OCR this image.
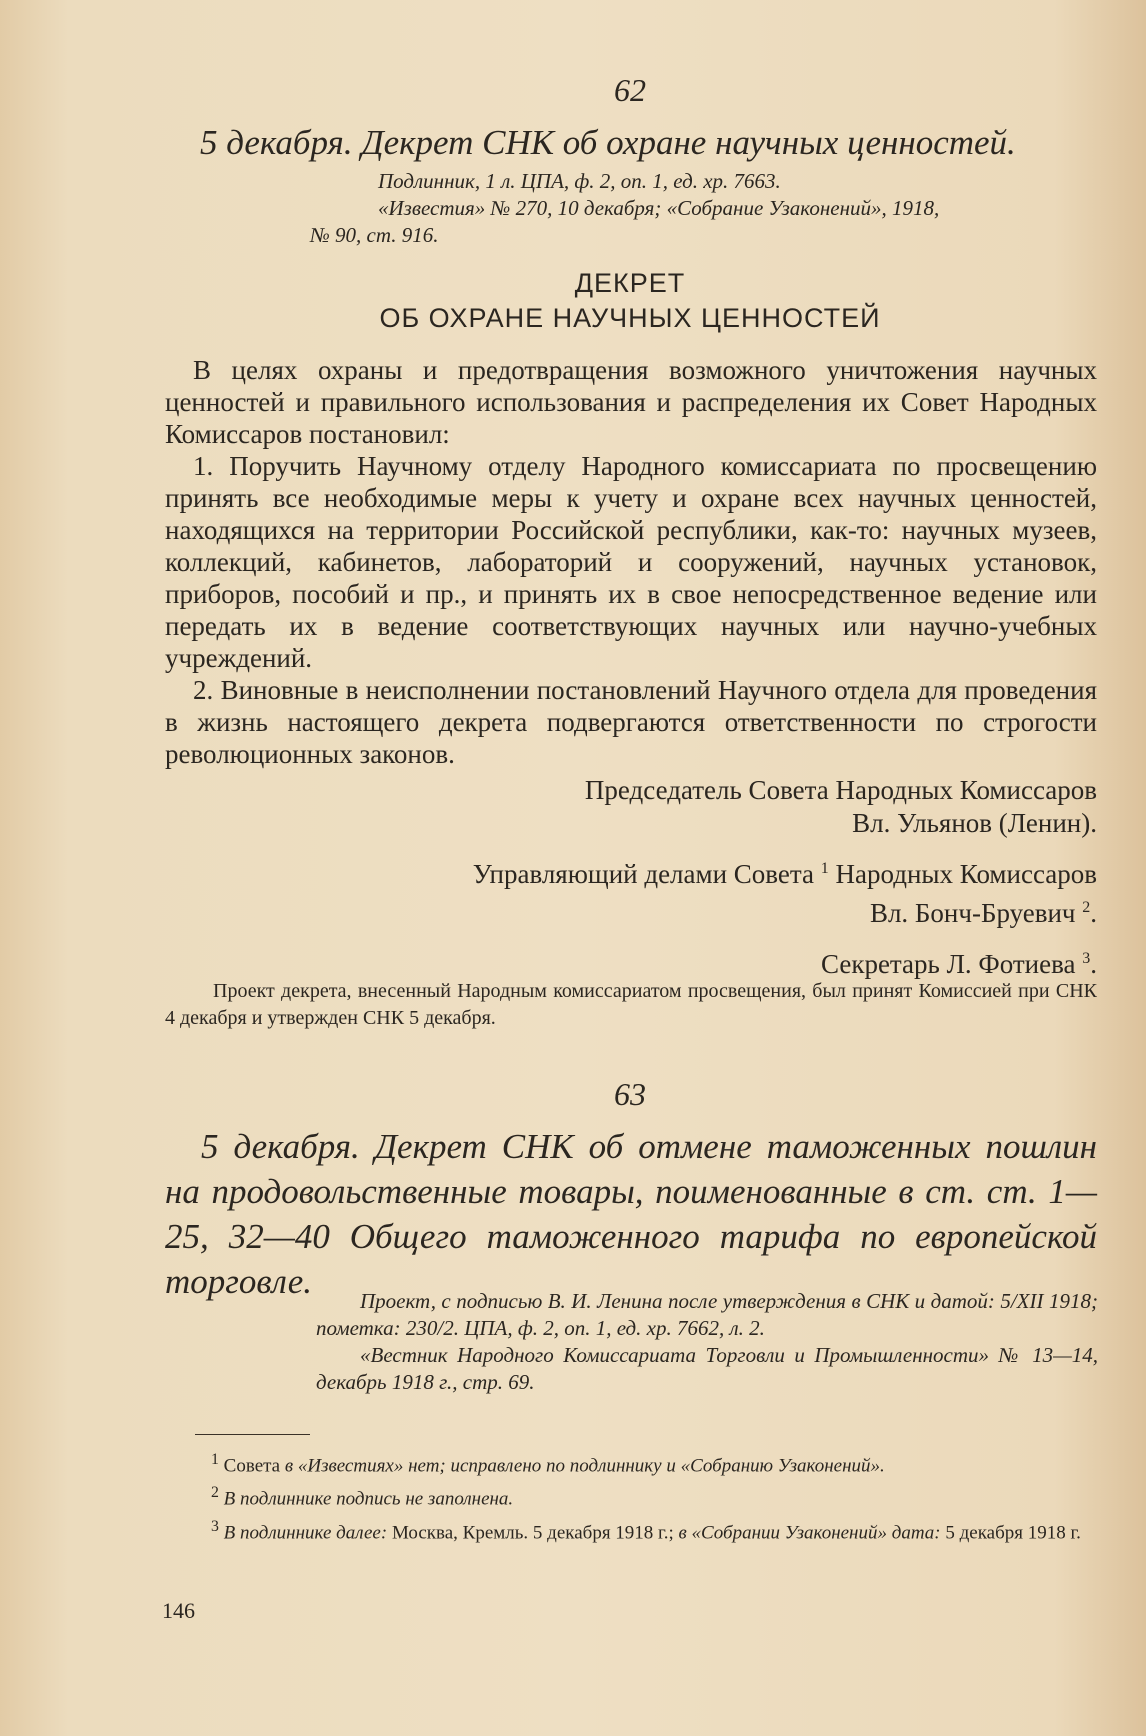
62

5 декабря. Декрет СНК об охране научных ценностей.

Подлинник, 1 л. ЦПА, ф. 2, оп. 1, ед. хр. 7663.

«Известия» № 270, 10 декабря; «Собрание Узаконений», 1918,

№ 90, ст. 916.

ДЕКРЕТ

ОБ ОХРАНЕ НАУЧНЫХ ЦЕННОСТЕЙ

В целях охраны и предотвращения возможного уничтожения научных ценностей и правильного использования и распределения их Совет Народных Комиссаров постановил:

1. Поручить Научному отделу Народного комиссариата по просвещению принять все необходимые меры к учету и охране всех научных ценностей, находящихся на территории Российской республики, как-то: научных музеев, коллекций, кабинетов, лабораторий и сооружений, научных установок, приборов, пособий и пр., и принять их в свое непосредственное ведение или передать их в ведение соответствующих научных или научно-учебных учреждений.

2. Виновные в неисполнении постановлений Научного отдела для проведения в жизнь настоящего декрета подвергаются ответственности по строгости революционных законов.

Председатель Совета Народных Комиссаров

Вл. Ульянов (Ленин).

Управляющий делами Совета $^1$ Народных Комиссаров

Вл. Бонч-Бруевич $^2$.

Секретарь Л. Фотиева $^3$.

Проект декрета, внесенный Народным комиссариатом просвещения, был принят Комиссией при СНК 4 декабря и утвержден СНК 5 декабря.

63

5 декабря. Декрет СНК об отмене таможенных пошлин на продовольственные товары, поименованные в ст. ст. 1—25, 32—40 Общего таможенного тарифа по европейской торговле.	Проект, с подписью В. И. Ленина после утверждения в СНК и датой: 5/XII 1918; пометка: 230/2. ЦПА, ф. 2, оп. 1, ед. хр. 7662, л. 2.

«Вестник Народного Комиссариата Торговли и Промышленности» № 13—14, декабрь 1918 г., стр. 69.

$^1$ Совета в «Известиях» нет; исправлено по подлиннику и «Собранию Узаконений».

$^2$ В подлиннике подпись не заполнена.

$^3$ В подлиннике далее: Москва, Кремль. 5 декабря 1918 г.; в «Собрании Узаконений» дата: 5 декабря 1918 г.

146
